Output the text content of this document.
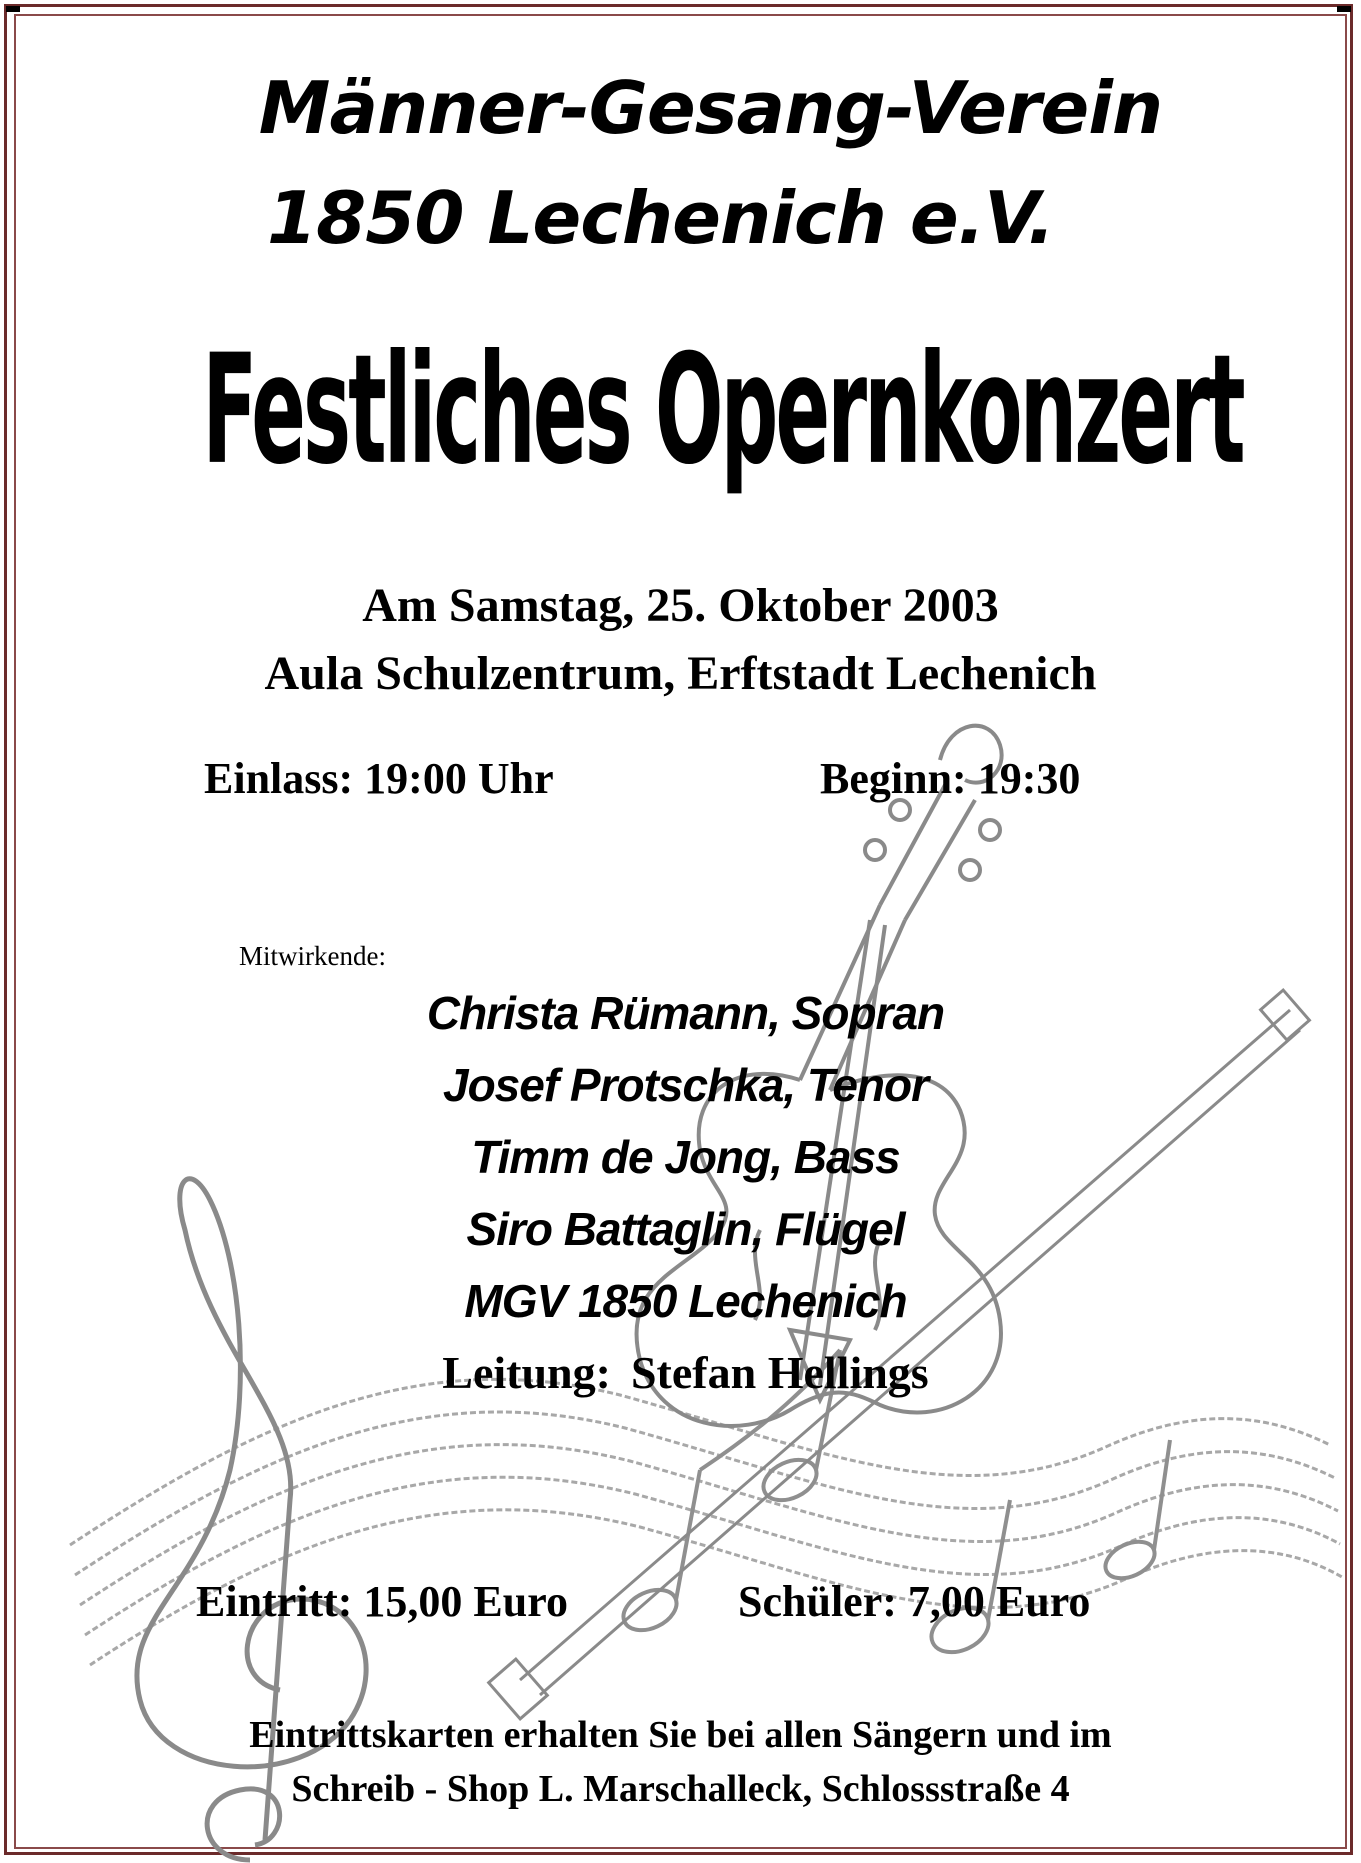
Männer-Gesang-Verein
1850 Lechenich e.V.
Festliches Opernkonzert
Am Samstag, 25. Oktober 2003
Aula Schulzentrum, Erftstadt Lechenich
Einlass: 19:00 Uhr	Beginn: 19:30
Mitwirkende:
Christa Rümann, Sopran
Josef Protschka, Tenor
Timm de Jong, Bass
Siro Battaglin, Flügel
MGV 1850 Lechenich
Leitung: Stefan Hellings
Eintritt: 15,00 Euro	Schüler: 7,00 Euro
Eintrittskarten erhalten Sie bei allen Sängern und im
Schreib - Shop L. Marschalleck, Schlossstraße 4
